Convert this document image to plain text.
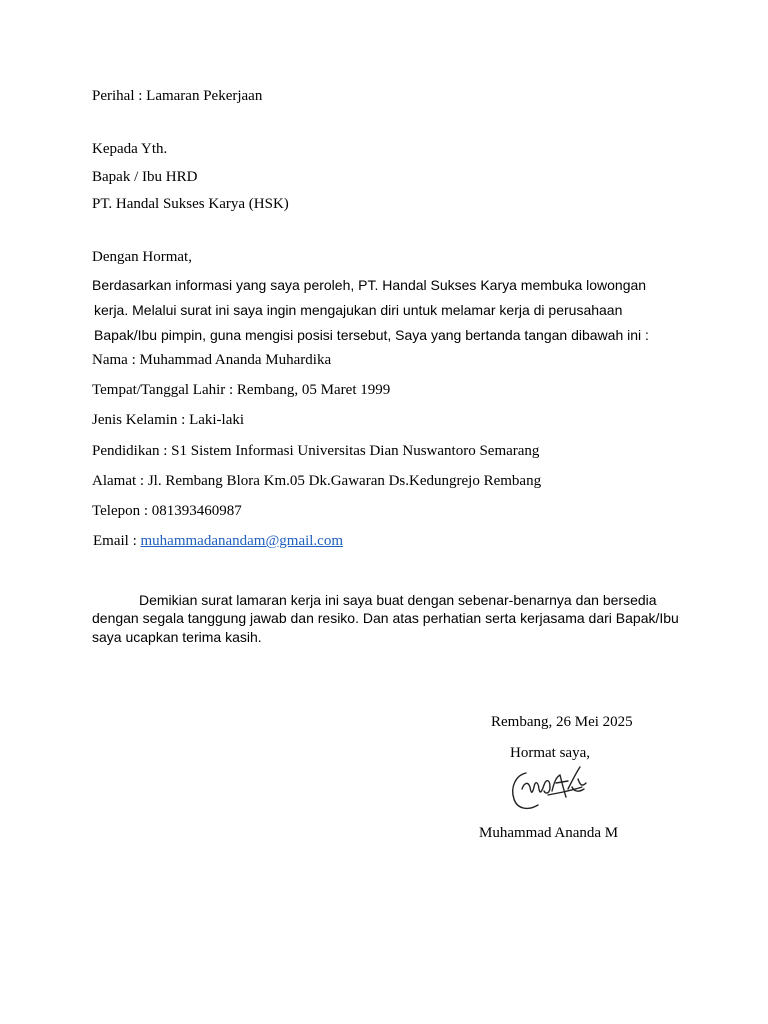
Perihal : Lamaran Pekerjaan
Kepada Yth.
Bapak / Ibu HRD
PT. Handal Sukses Karya (HSK)
Dengan Hormat,
Berdasarkan informasi yang saya peroleh, PT. Handal Sukses Karya membuka lowongan
kerja. Melalui surat ini saya ingin mengajukan diri untuk melamar kerja di perusahaan
Bapak/Ibu pimpin, guna mengisi posisi tersebut, Saya yang bertanda tangan dibawah ini :
Nama : Muhammad Ananda Muhardika
Tempat/Tanggal Lahir : Rembang, 05 Maret 1999
Jenis Kelamin : Laki-laki
Pendidikan : S1 Sistem Informasi Universitas Dian Nuswantoro Semarang
Alamat : Jl. Rembang Blora Km.05 Dk.Gawaran Ds.Kedungrejo Rembang
Telepon : 081393460987
Email : muhammadanandam@gmail.com
Demikian surat lamaran kerja ini saya buat dengan sebenar-benarnya dan bersedia
dengan segala tanggung jawab dan resiko. Dan atas perhatian serta kerjasama dari Bapak/Ibu
saya ucapkan terima kasih.
Rembang, 26 Mei 2025
Hormat saya,
Muhammad Ananda M
